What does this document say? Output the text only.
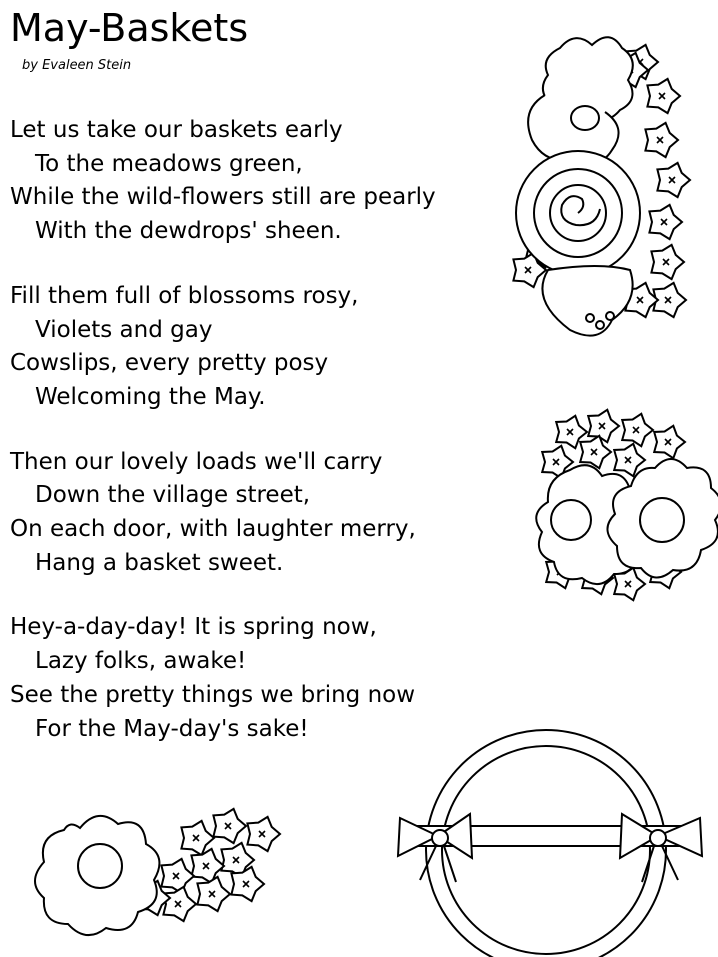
May-Baskets
by Evaleen Stein
Let us take our baskets early
To the meadows green,
While the wild-flowers still are pearly
With the dewdrops' sheen.
Fill them full of blossoms rosy,
Violets and gay
Cowslips, every pretty posy
Welcoming the May.
Then our lovely loads we'll carry
Down the village street,
On each door, with laughter merry,
Hang a basket sweet.
Hey-a-day-day! It is spring now,
Lazy folks, awake!
See the pretty things we bring now
For the May-day's sake!
